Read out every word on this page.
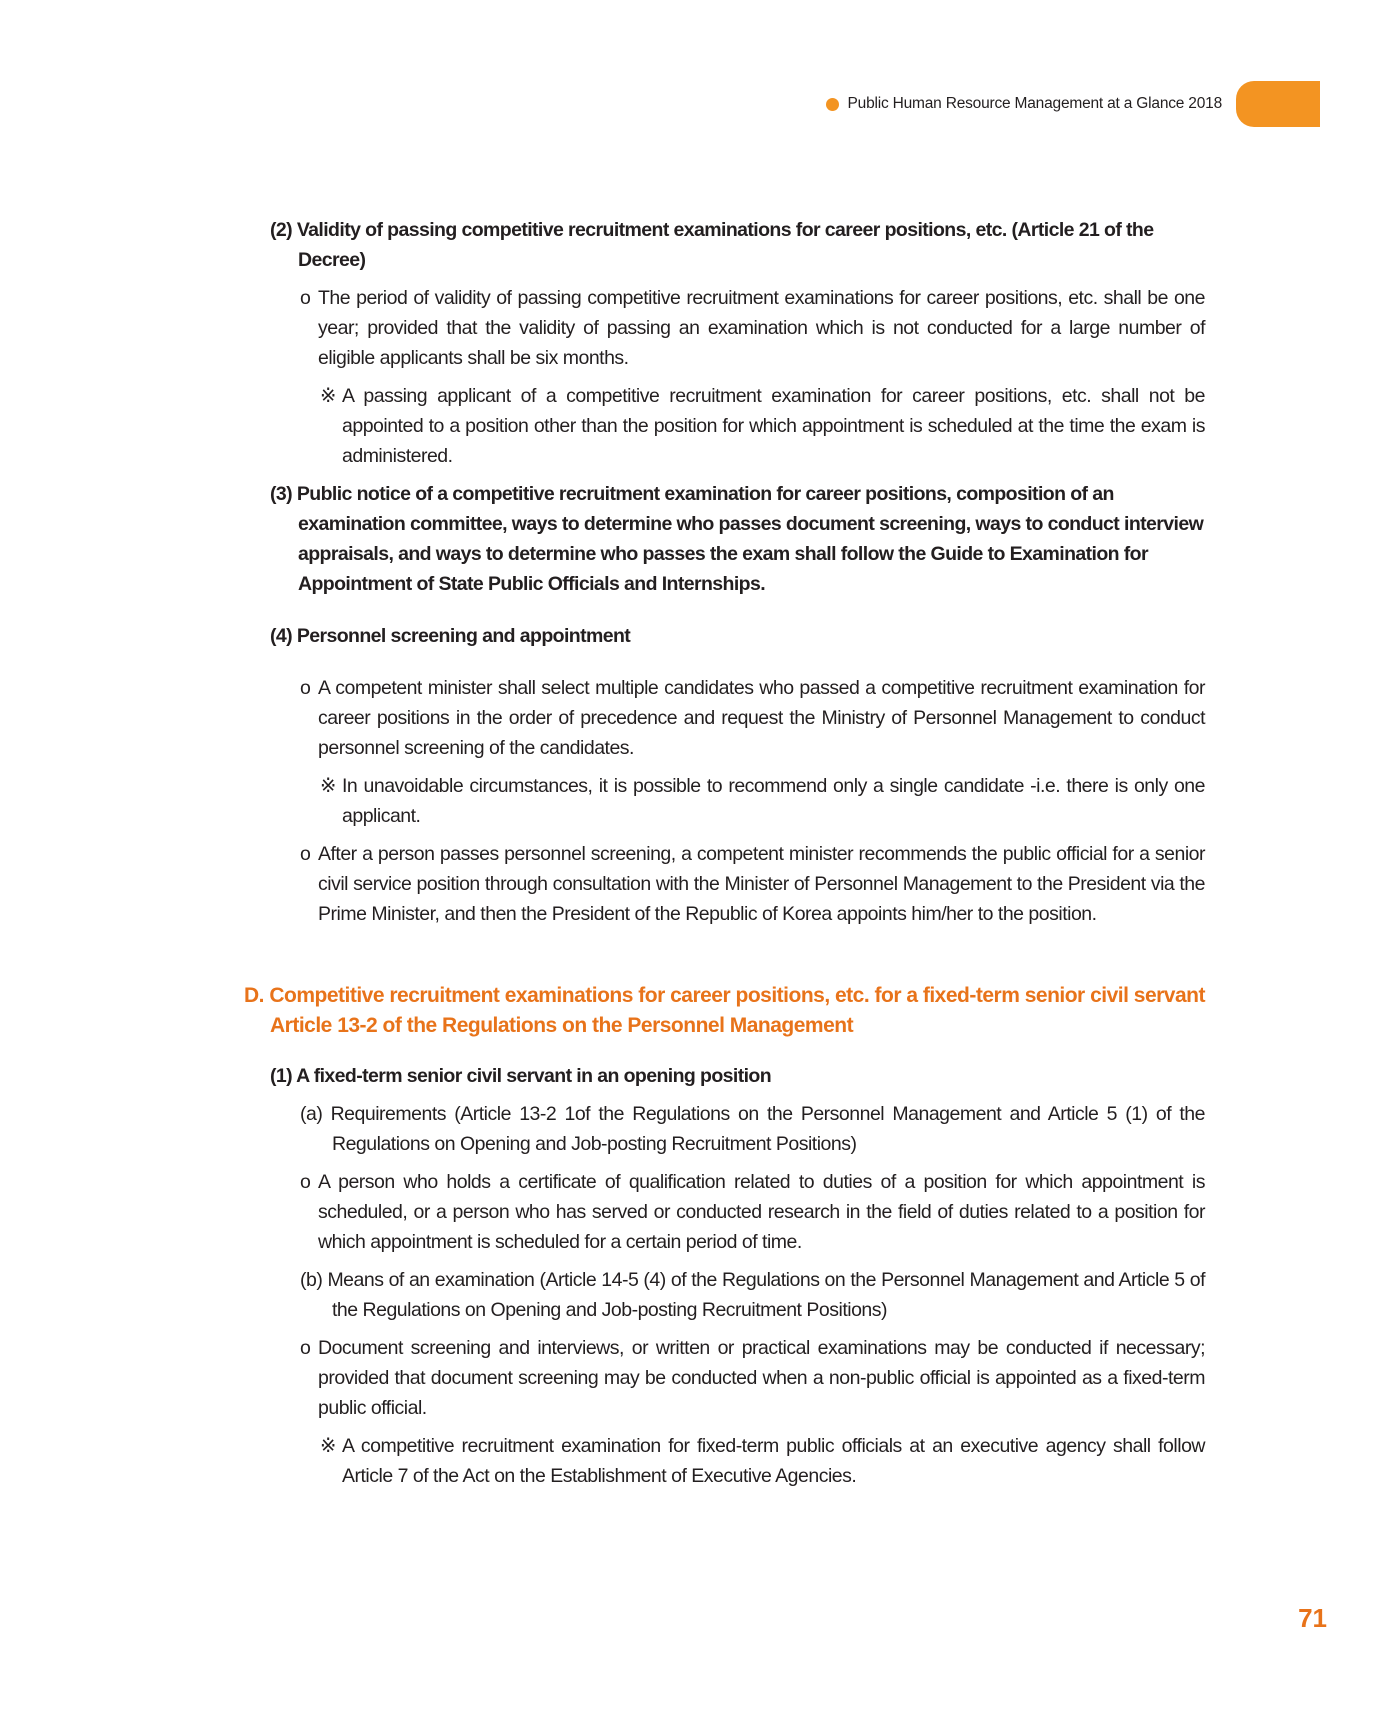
Public Human Resource Management at a Glance 2018

(2) Validity of passing competitive recruitment examinations for career positions, etc. (Article 21 of the Decree)

o The period of validity of passing competitive recruitment examinations for career positions, etc. shall be one year; provided that the validity of passing an examination which is not conducted for a large number of eligible applicants shall be six months.

※ A passing applicant of a competitive recruitment examination for career positions, etc. shall not be appointed to a position other than the position for which appointment is scheduled at the time the exam is administered.

(3) Public notice of a competitive recruitment examination for career positions, composition of an examination committee, ways to determine who passes document screening, ways to conduct interview appraisals, and ways to determine who passes the exam shall follow the Guide to Examination for Appointment of State Public Officials and Internships.

(4) Personnel screening and appointment

o A competent minister shall select multiple candidates who passed a competitive recruitment examination for career positions in the order of precedence and request the Ministry of Personnel Management to conduct personnel screening of the candidates.

※ In unavoidable circumstances, it is possible to recommend only a single candidate -i.e. there is only one applicant.

o After a person passes personnel screening, a competent minister recommends the public official for a senior civil service position through consultation with the Minister of Personnel Management to the President via the Prime Minister, and then the President of the Republic of Korea appoints him/her to the position.

D. Competitive recruitment examinations for career positions, etc. for a fixed-term senior civil servant Article 13-2 of the Regulations on the Personnel Management

(1) A fixed-term senior civil servant in an opening position

(a) Requirements (Article 13-2 1of the Regulations on the Personnel Management and Article 5 (1) of the Regulations on Opening and Job-posting Recruitment Positions)

o A person who holds a certificate of qualification related to duties of a position for which appointment is scheduled, or a person who has served or conducted research in the field of duties related to a position for which appointment is scheduled for a certain period of time.

(b) Means of an examination (Article 14-5 (4) of the Regulations on the Personnel Management and Article 5 of the Regulations on Opening and Job-posting Recruitment Positions)

o Document screening and interviews, or written or practical examinations may be conducted if necessary; provided that document screening may be conducted when a non-public official is appointed as a fixed-term public official.

※ A competitive recruitment examination for fixed-term public officials at an executive agency shall follow Article 7 of the Act on the Establishment of Executive Agencies.

71
